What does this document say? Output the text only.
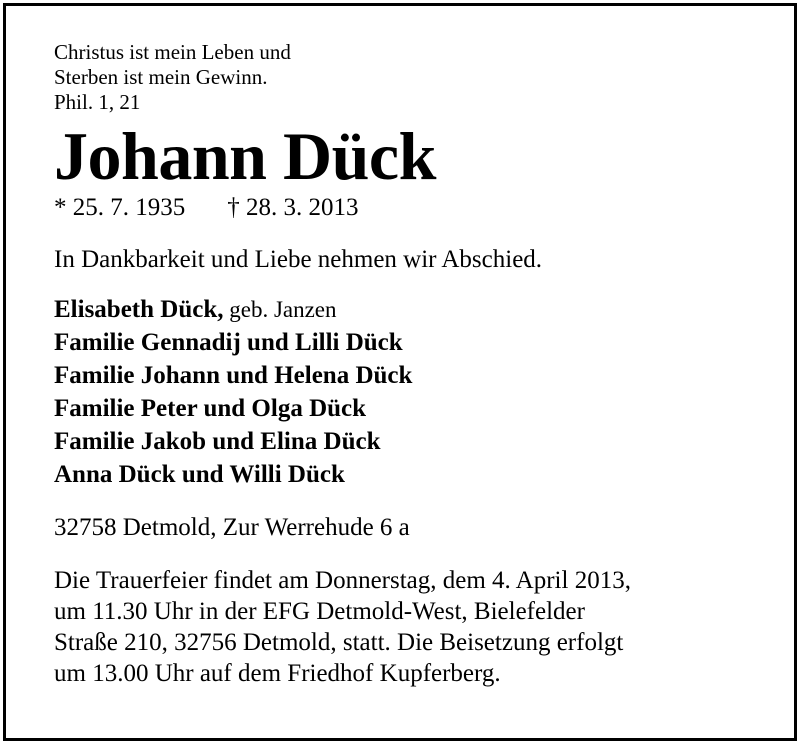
Christus ist mein Leben und
Sterben ist mein Gewinn.
Phil. 1, 21
Johann Dück
* 25. 7. 1935 † 28. 3. 2013
In Dankbarkeit und Liebe nehmen wir Abschied.
Elisabeth Dück, geb. Janzen
Familie Gennadij und Lilli Dück
Familie Johann und Helena Dück
Familie Peter und Olga Dück
Familie Jakob und Elina Dück
Anna Dück und Willi Dück
32758 Detmold, Zur Werrehude 6 a
Die Trauerfeier findet am Donnerstag, dem 4. April 2013,
um 11.30 Uhr in der EFG Detmold-West, Bielefelder
Straße 210, 32756 Detmold, statt. Die Beisetzung erfolgt
um 13.00 Uhr auf dem Friedhof Kupferberg.
